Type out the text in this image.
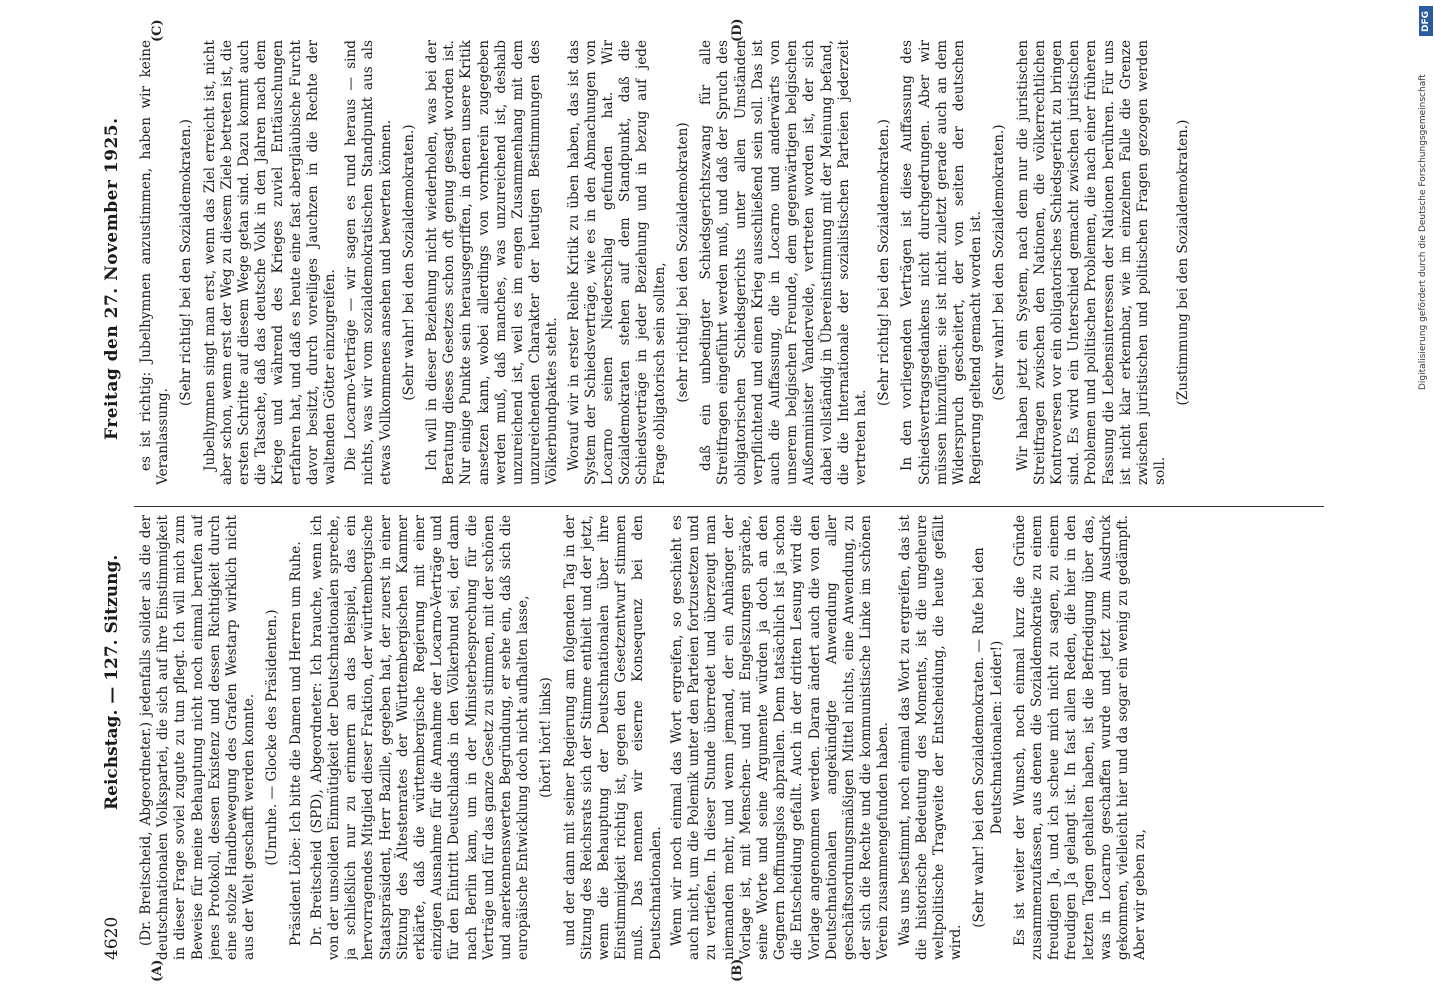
4620
Reichstag. — 127. Sitzung.
Freitag den 27. November 1925.
(A)	(B)
(C)	(D)

(Dr. Breitscheid, Abgeordneter.) jedenfalls solider als die der deutschnationalen Volkspartei, die sich auf ihre Einstimmigkeit in dieser Frage soviel zugute zu tun pflegt. Ich will mich zum Beweise für meine Behauptung nicht noch einmal berufen auf jenes Protokoll, dessen Existenz und dessen Richtigkeit durch eine stolze Handbewegung des Grafen Westarp wirklich nicht aus der Welt geschafft werden konnte. (Unruhe. — Glocke des Präsidenten.) Präsident Löbe: Ich bitte die Damen und Herren um Ruhe. Dr. Breitscheid (SPD), Abgeordneter: Ich brauche, wenn ich von der unsoliden Einmütigkeit der Deutschnationalen spreche, ja schließlich nur zu erinnern an das Beispiel, das ein hervorragendes Mitglied dieser Fraktion, der württembergische Staatspräsident, Herr Bazille, gegeben hat, der zuerst in einer Sitzung des Ältestenrates der Württembergischen Kammer erklärte, daß die württembergische Regierung mit einer einzigen Ausnahme für die Annahme der Locarno-Verträge und für den Eintritt Deutschlands in den Völkerbund sei, der dann nach Berlin kam, um in der Ministerbesprechung für die Verträge und für das ganze Gesetz zu stimmen, mit der schönen und anerkennenswerten Begründung, er sehe ein, daß sich die europäische Entwicklung doch nicht aufhalten lasse, (hört! hört! links) und der dann mit seiner Regierung am folgenden Tag in der Sitzung des Reichsrats sich der Stimme enthielt und der jetzt, wenn die Behauptung der Deutschnationalen über ihre Einstimmigkeit richtig ist, gegen den Gesetzentwurf stimmen muß. Das nennen wir eiserne Konsequenz bei den Deutschnationalen. Wenn wir noch einmal das Wort ergreifen, so geschieht es auch nicht, um die Polemik unter den Parteien fortzusetzen und zu vertiefen. In dieser Stunde überredet und überzeugt man niemanden mehr, und wenn jemand, der ein Anhänger der Vorlage ist, mit Menschen- und mit Engelszungen spräche, seine Worte und seine Argumente würden ja doch an den Gegnern hoffnungslos abprallen. Denn tatsächlich ist ja schon die Entscheidung gefallt. Auch in der dritten Lesung wird die Vorlage angenommen werden. Daran ändert auch die von den Deutschnationalen angekündigte Anwendung aller geschäftsordnungsmäßigen Mittel nichts, eine Anwendung, zu der sich die Rechte und die kommunistische Linke im schönen Verein zusammengefunden haben. Was uns bestimmt, noch einmal das Wort zu ergreifen, das ist die historische Bedeutung des Moments, ist die ungeheure weltpolitische Tragweite der Entscheidung, die heute gefällt wird.

(Sehr wahr! bei den Sozialdemokraten. — Rufe bei den Deutschnationalen: Leider!) Es ist weiter der Wunsch, noch einmal kurz die Gründe zusammenzufassen, aus denen die Sozialdemokratie zu einem freudigen Ja, und ich scheue mich nicht zu sagen, zu einem freudigen Ja gelangt ist. In fast allen Reden, die hier in den letzten Tagen gehalten haben, ist die Befriedigung über das, was in Locarno geschaffen wurde und jetzt zum Ausdruck gekommen, vielleicht hier und da sogar ein wenig zu gedämpft. Aber wir geben zu,

es ist richtig: Jubelhymnen anzustimmen, haben wir keine Veranlassung.

(Sehr richtig! bei den Sozialdemokraten.) Jubelhymnen singt man erst, wenn das Ziel erreicht ist, nicht aber schon, wenn erst der Weg zu diesem Ziele betreten ist, die ersten Schritte auf diesem Wege getan sind. Dazu kommt auch die Tatsache, daß das deutsche Volk in den Jahren nach dem Kriege und während des Krieges zuviel Enttäuschungen erfahren hat, und daß es heute eine fast abergläubische Furcht davor besitzt, durch voreiliges Jauchzen in die Rechte der waltenden Götter einzugreifen. Die Locarno-Verträge — wir sagen es rund heraus — sind nichts, was wir vom sozialdemokratischen Standpunkt aus als etwas Vollkommenes ansehen und bewerten können. (Sehr wahr! bei den Sozialdemokraten.) Ich will in dieser Beziehung nicht wiederholen, was bei der Beratung dieses Gesetzes schon oft genug gesagt worden ist. Nur einige Punkte sein herausgegriffen, in denen unsere Kritik ansetzen kann, wobei allerdings von vornherein zugegeben werden muß, daß manches, was unzureichend ist, deshalb unzureichend ist, weil es im engen Zusammenhang mit dem unzureichenden Charakter der heutigen Bestimmungen des Völkerbundpaktes steht. Worauf wir in erster Reihe Kritik zu üben haben, das ist das System der Schiedsverträge, wie es in den Abmachungen von Locarno seinen Niederschlag gefunden hat. Wir Sozialdemokraten stehen auf dem Standpunkt, daß die Schiedsverträge in jeder Beziehung und in bezug auf jede Frage obligatorisch sein sollten, (sehr richtig! bei den Sozialdemokraten) daß ein unbedingter Schiedsgerichtszwang für alle Streitfragen eingeführt werden muß, und daß der Spruch des obligatorischen Schiedsgerichts unter allen Umständen verpflichtend und einen Krieg ausschließend sein soll. Das ist auch die Auffassung, die in Locarno und anderwärts von unserem belgischen Freunde, dem gegenwärtigen belgischen Außenminister Vandervelde, vertreten worden ist, der sich dabei vollständig in Übereinstimmung mit der Meinung befand, die die Internationale der sozialistischen Parteien jederzeit vertreten hat.

(Sehr richtig! bei den Sozialdemokraten.) In den vorliegenden Verträgen ist diese Auffassung des Schiedsvertragsgedankens nicht durchgedrungen. Aber wir müssen hinzufügen: sie ist nicht zuletzt gerade auch an dem Widerspruch gescheitert, der von seiten der deutschen Regierung geltend gemacht worden ist. (Sehr wahr! bei den Sozialdemokraten.) Wir haben jetzt ein System, nach dem nur die juristischen Streitfragen zwischen den Nationen, die völkerrechtlichen Kontroversen vor ein obligatorisches Schiedsgericht zu bringen sind. Es wird ein Unterschied gemacht zwischen juristischen Problemen und politischen Problemen, die nach einer früheren Fassung die Lebensinteressen der Nationen berühren. Für uns ist nicht klar erkennbar, wie im einzelnen Falle die Grenze zwischen juristischen und politischen Fragen gezogen werden soll.

(Zustimmung bei den Sozialdemokraten.)

DFG
Digitalisierung gefördert durch die Deutsche Forschungsgemeinschaft
